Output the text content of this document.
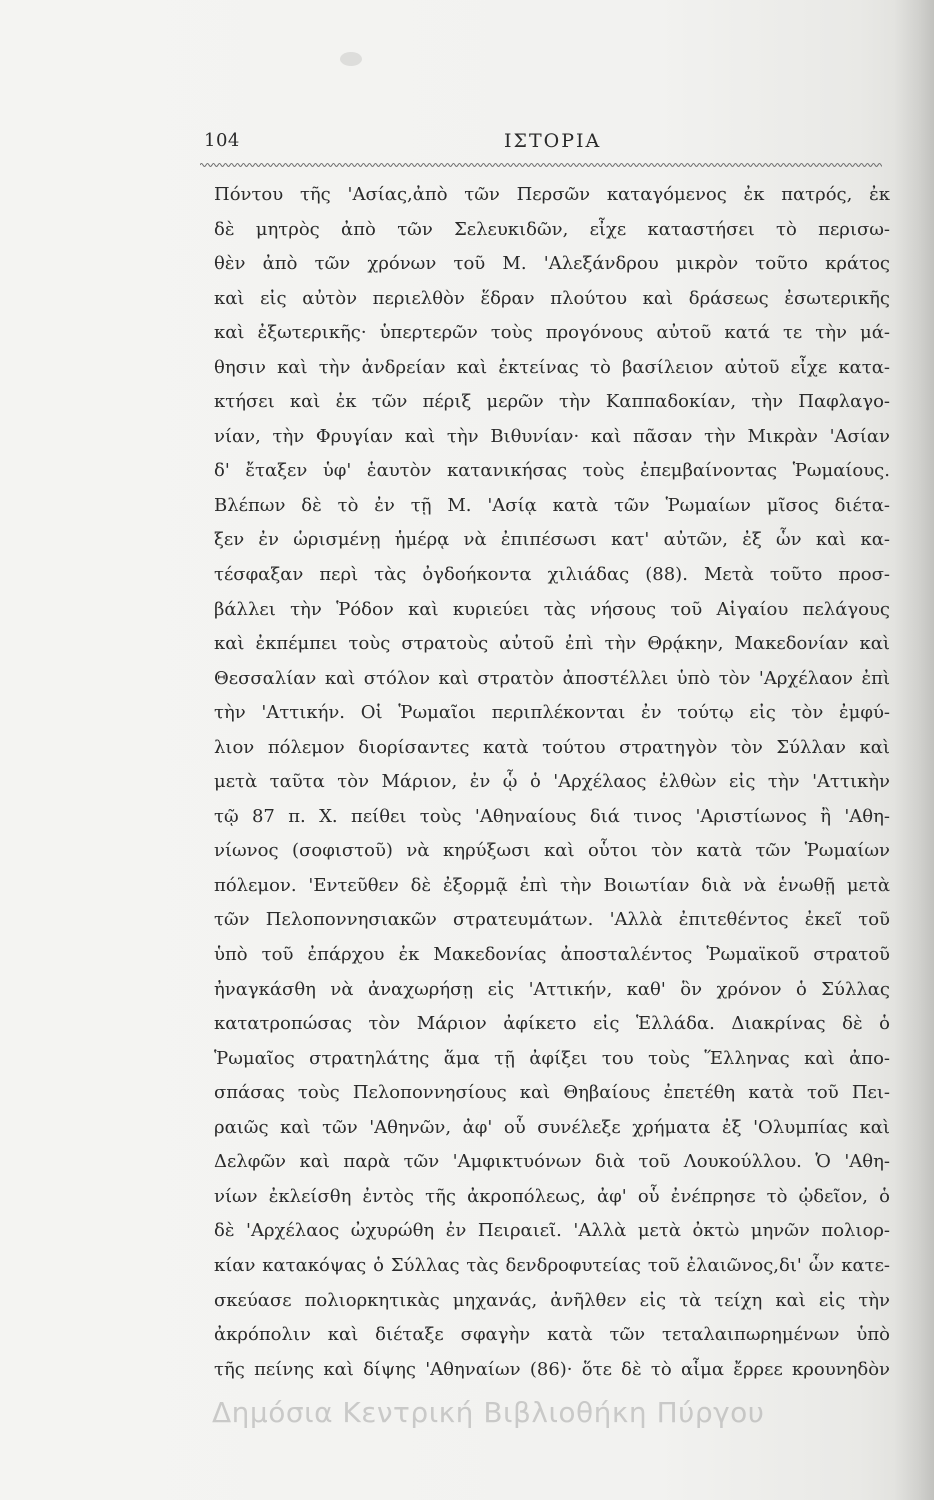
104	ΙΣΤΟΡΙΑ
Πόντου τῆς 'Ασίας,ἀπὸ τῶν Περσῶν καταγόμενος ἐκ πατρός, ἐκ
δὲ μητρὸς ἀπὸ τῶν Σελευκιδῶν, εἶχε καταστήσει τὸ περισω-
θὲν ἀπὸ τῶν χρόνων τοῦ Μ. 'Αλεξάνδρου μικρὸν τοῦτο κράτος
καὶ εἰς αὐτὸν περιελθὸν ἕδραν πλούτου καὶ δράσεως ἐσωτερικῆς
καὶ ἐξωτερικῆς· ὑπερτερῶν τοὺς προγόνους αὐτοῦ κατά τε τὴν μά-
θησιν καὶ τὴν ἀνδρείαν καὶ ἐκτείνας τὸ βασίλειον αὐτοῦ εἶχε κατα-
κτήσει καὶ ἐκ τῶν πέριξ μερῶν τὴν Καππαδοκίαν, τὴν Παφλαγο-
νίαν, τὴν Φρυγίαν καὶ τὴν Βιθυνίαν· καὶ πᾶσαν τὴν Μικρὰν 'Ασίαν
δ' ἔταξεν ὑφ' ἑαυτὸν κατανικήσας τοὺς ἐπεμβαίνοντας Ῥωμαίους.
Βλέπων δὲ τὸ ἐν τῇ Μ. 'Ασίᾳ κατὰ τῶν Ῥωμαίων μῖσος διέτα-
ξεν ἐν ὡρισμένῃ ἡμέρᾳ νὰ ἐπιπέσωσι κατ' αὐτῶν, ἐξ ὧν καὶ κα-
τέσφαξαν περὶ τὰς ὀγδοήκοντα χιλιάδας (88). Μετὰ τοῦτο προσ-
βάλλει τὴν Ῥόδον καὶ κυριεύει τὰς νήσους τοῦ Αἰγαίου πελάγους
καὶ ἐκπέμπει τοὺς στρατοὺς αὐτοῦ ἐπὶ τὴν Θρᾴκην, Μακεδονίαν καὶ
Θεσσαλίαν καὶ στόλον καὶ στρατὸν ἀποστέλλει ὑπὸ τὸν 'Αρχέλαον ἐπὶ
τὴν 'Αττικήν. Οἱ Ῥωμαῖοι περιπλέκονται ἐν τούτῳ εἰς τὸν ἐμφύ-
λιον πόλεμον διορίσαντες κατὰ τούτου στρατηγὸν τὸν Σύλλαν καὶ
μετὰ ταῦτα τὸν Μάριον, ἐν ᾧ ὁ 'Αρχέλαος ἐλθὼν εἰς τὴν 'Αττικὴν
τῷ 87 π. Χ. πείθει τοὺς 'Αθηναίους διά τινος 'Αριστίωνος ἢ 'Αθη-
νίωνος (σοφιστοῦ) νὰ κηρύξωσι καὶ οὗτοι τὸν κατὰ τῶν Ῥωμαίων
πόλεμον. 'Εντεῦθεν δὲ ἐξορμᾷ ἐπὶ τὴν Βοιωτίαν διὰ νὰ ἑνωθῇ μετὰ
τῶν Πελοποννησιακῶν στρατευμάτων. 'Αλλὰ ἐπιτεθέντος ἐκεῖ τοῦ
ὑπὸ τοῦ ἐπάρχου ἐκ Μακεδονίας ἀποσταλέντος Ῥωμαϊκοῦ στρατοῦ
ἠναγκάσθη νὰ ἀναχωρήσῃ εἰς 'Αττικήν, καθ' ὃν χρόνον ὁ Σύλλας
κατατροπώσας τὸν Μάριον ἀφίκετο εἰς Ἑλλάδα. Διακρίνας δὲ ὁ
Ῥωμαῖος στρατηλάτης ἅμα τῇ ἀφίξει του τοὺς Ἕλληνας καὶ ἀπο-
σπάσας τοὺς Πελοποννησίους καὶ Θηβαίους ἐπετέθη κατὰ τοῦ Πει-
ραιῶς καὶ τῶν 'Αθηνῶν, ἀφ' οὗ συνέλεξε χρήματα ἐξ 'Ολυμπίας καὶ
Δελφῶν καὶ παρὰ τῶν 'Αμφικτυόνων διὰ τοῦ Λουκούλλου. Ὁ 'Αθη-
νίων ἐκλείσθη ἐντὸς τῆς ἀκροπόλεως, ἀφ' οὗ ἐνέπρησε τὸ ᾠδεῖον, ὁ
δὲ 'Αρχέλαος ὠχυρώθη ἐν Πειραιεῖ. 'Αλλὰ μετὰ ὀκτὼ μηνῶν πολιορ-
κίαν κατακόψας ὁ Σύλλας τὰς δενδροφυτείας τοῦ ἐλαιῶνος,δι' ὧν κατε-
σκεύασε πολιορκητικὰς μηχανάς, ἀνῆλθεν εἰς τὰ τείχη καὶ εἰς τὴν
ἀκρόπολιν καὶ διέταξε σφαγὴν κατὰ τῶν τεταλαιπωρημένων ὑπὸ
τῆς πείνης καὶ δίψης 'Αθηναίων (86)· ὅτε δὲ τὸ αἷμα ἔρρεε κρουνηδὸν
Δημόσια Κεντρική Βιβλιοθήκη Πύργου
